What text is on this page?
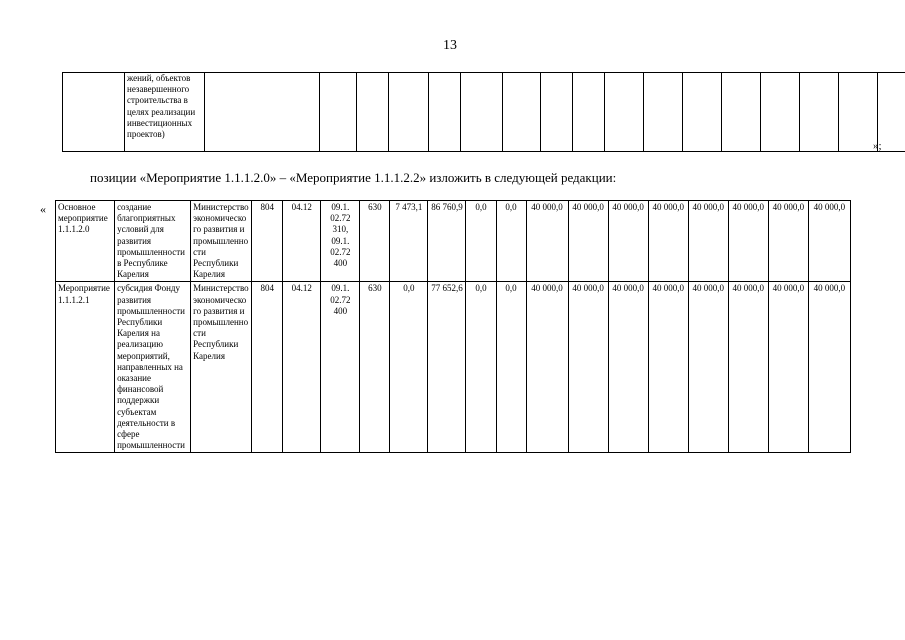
13
	жений, объектов незавершенного строительства в целях реализации инвестиционных проектов)																	
»;
позиции «Мероприятие 1.1.1.2.0» – «Мероприятие 1.1.1.2.2» изложить в следующей редакции:
« Основное мероприятие 1.1.1.2.0	создание благоприятных условий для развития промышленности в Республике Карелия	Министерство экономического развития и промышленности Республики Карелия	804	04.12	09.1. 02.72 310, 09.1. 02.72 400	630	7 473,1	86 760,9	0,0	0,0	40 000,0	40 000,0	40 000,0	40 000,0	40 000,0	40 000,0	40 000,0	40 000,0
Мероприятие 1.1.1.2.1	субсидия Фонду развития промышленности Республики Карелия на реализацию мероприятий, направленных на оказание финансовой поддержки субъектам деятельности в сфере промышленности	Министерство экономического развития и промышленности Республики Карелия	804	04.12	09.1. 02.72 400	630	0,0	77 652,6	0,0	0,0	40 000,0	40 000,0	40 000,0	40 000,0	40 000,0	40 000,0	40 000,0	40 000,0
